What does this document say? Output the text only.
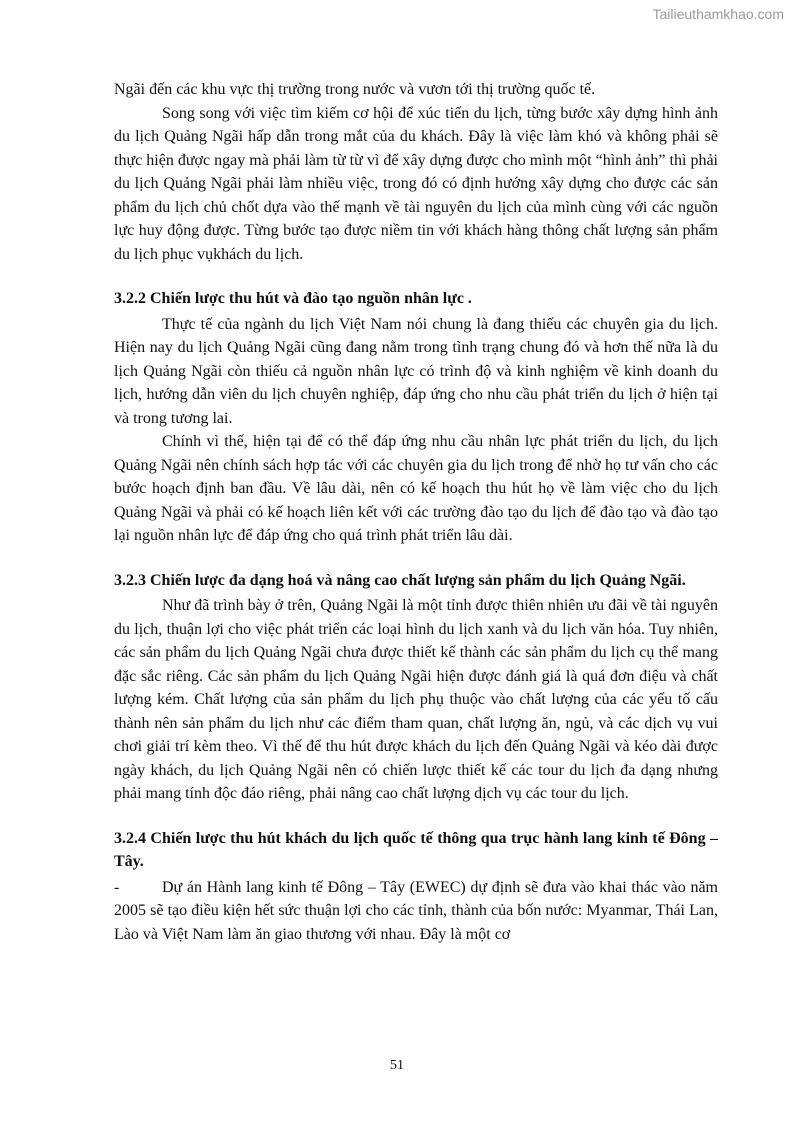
Tailieuthamkhao.com

Ngãi đến các khu vực thị trường trong nước và vươn tới thị trường quốc tế.

Song song với việc tìm kiếm cơ hội để xúc tiến du lịch, từng bước xây dựng hình ảnh du lịch Quảng Ngãi hấp dẫn trong mắt của du khách. Đây là việc làm khó và không phải sẽ thực hiện được ngay mà phải làm từ từ vì để xây dựng được cho mình một “hình ảnh” thì phải du lịch Quảng Ngãi phải làm nhiều việc, trong đó có định hướng xây dựng cho được các sản phẩm du lịch chủ chốt dựa vào thế mạnh về tài nguyên du lịch của mình cùng với các nguồn lực huy động được. Từng bước tạo được niềm tin với khách hàng thông chất lượng sản phẩm du lịch phục vụkhách du lịch.

3.2.2 Chiến lược thu hút và đào tạo nguồn nhân lực .

Thực tế của ngành du lịch Việt Nam nói chung là đang thiếu các chuyên gia du lịch. Hiện nay du lịch Quảng Ngãi cũng đang nằm trong tình trạng chung đó và hơn thế nữa là du lịch Quảng Ngãi còn thiếu cả nguồn nhân lực có trình độ và kinh nghiệm về kinh doanh du lịch, hướng dẫn viên du lịch chuyên nghiệp, đáp ứng cho nhu cầu phát triển du lịch ở hiện tại và trong tương lai.

Chính vì thế, hiện tại để có thể đáp ứng nhu cầu nhân lực phát triển du lịch, du lịch Quảng Ngãi nên chính sách hợp tác với các chuyên gia du lịch trong để nhờ họ tư vấn cho các bước hoạch định ban đầu. Về lâu dài, nên có kế hoạch thu hút họ về làm việc cho du lịch Quảng Ngãi và phải có kế hoạch liên kết với các trường đào tạo du lịch để đào tạo và đào tạo lại nguồn nhân lực để đáp ứng cho quá trình phát triển lâu dài.

3.2.3 Chiến lược đa dạng hoá và nâng cao chất lượng sản phẩm du lịch Quảng Ngãi.

Như đã trình bày ở trên, Quảng Ngãi là một tỉnh được thiên nhiên ưu đãi về tài nguyên du lịch, thuận lợi cho việc phát triển các loại hình du lịch xanh và du lịch văn hóa. Tuy nhiên, các sản phẩm du lịch Quảng Ngãi chưa được thiết kế thành các sản phẩm du lịch cụ thể mang đặc sắc riêng. Các sản phẩm du lịch Quảng Ngãi hiện được đánh giá là quá đơn điệu và chất lượng kém. Chất lượng của sản phẩm du lịch phụ thuộc vào chất lượng của các yếu tố cấu thành nên sản phẩm du lịch như các điểm tham quan, chất lượng ăn, ngủ, và các dịch vụ vui chơi giải trí kèm theo. Vì thế để thu hút được khách du lịch đến Quảng Ngãi và kéo dài được ngày khách, du lịch Quảng Ngãi nên có chiến lược thiết kế các tour du lịch đa dạng nhưng phải mang tính độc đáo riêng, phải nâng cao chất lượng dịch vụ các tour du lịch.

3.2.4 Chiến lược thu hút khách du lịch quốc tế thông qua trục hành lang kinh tế Đông – Tây.

-	Dự án Hành lang kinh tế Đông – Tây (EWEC) dự định sẽ đưa vào khai thác vào năm 2005 sẽ tạo điều kiện hết sức thuận lợi cho các tỉnh, thành của bốn nước: Myanmar, Thái Lan, Lào và Việt Nam làm ăn giao thương với nhau. Đây là một cơ

51
